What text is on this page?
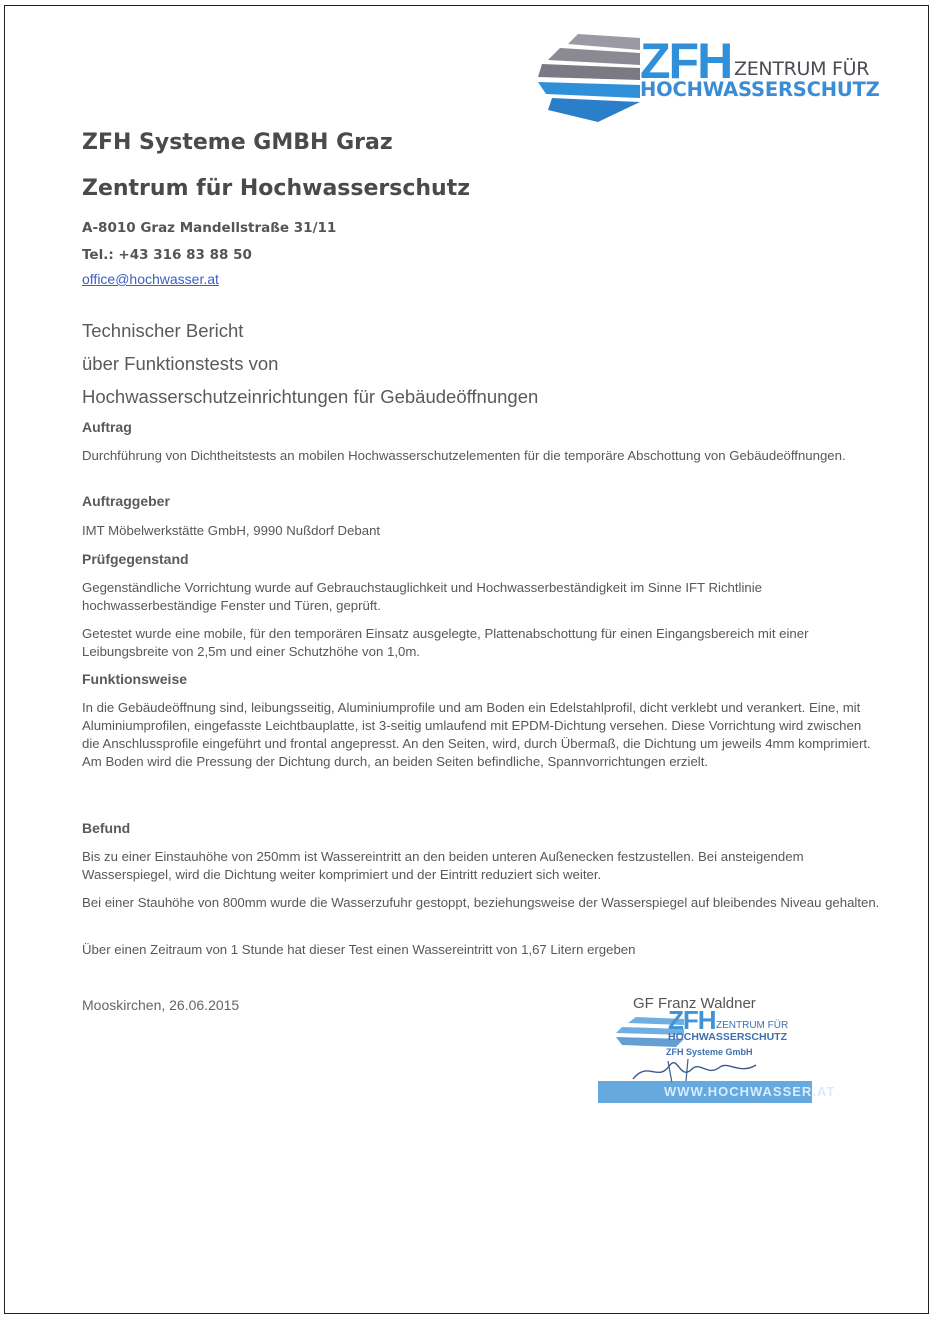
ZFH ZENTRUM FÜR
HOCHWASSERSCHUTZ
ZFH Systeme GMBH Graz
Zentrum für Hochwasserschutz
A-8010 Graz Mandellstraße 31/11
Tel.: +43 316 83 88 50
office@hochwasser.at
Technischer Bericht
über Funktionstests von
Hochwasserschutzeinrichtungen für Gebäudeöffnungen
Auftrag
Durchführung von Dichtheitstests an mobilen Hochwasserschutzelementen für die temporäre Abschottung von Gebäudeöffnungen.
Auftraggeber
IMT Möbelwerkstätte GmbH, 9990 Nußdorf Debant
Prüfgegenstand
Gegenständliche Vorrichtung wurde auf Gebrauchstauglichkeit und Hochwasserbeständigkeit im Sinne IFT Richtlinie hochwasserbeständige Fenster und Türen, geprüft.
Getestet wurde eine mobile, für den temporären Einsatz ausgelegte, Plattenabschottung für einen Eingangsbereich mit einer Leibungsbreite von 2,5m und einer Schutzhöhe von 1,0m.
Funktionsweise
In die Gebäudeöffnung sind, leibungsseitig, Aluminiumprofile und am Boden ein Edelstahlprofil, dicht verklebt und verankert. Eine, mit Aluminiumprofilen, eingefasste Leichtbauplatte, ist 3-seitig umlaufend mit EPDM-Dichtung versehen. Diese Vorrichtung wird zwischen die Anschlussprofile eingeführt und frontal angepresst. An den Seiten, wird, durch Übermaß, die Dichtung um jeweils 4mm komprimiert. Am Boden wird die Pressung der Dichtung durch, an beiden Seiten befindliche, Spannvorrichtungen erzielt.
Befund
Bis zu einer Einstauhöhe von 250mm ist Wassereintritt an den beiden unteren Außenecken festzustellen. Bei ansteigendem Wasserspiegel, wird die Dichtung weiter komprimiert und der Eintritt reduziert sich weiter.
Bei einer Stauhöhe von 800mm wurde die Wasserzufuhr gestoppt, beziehungsweise der Wasserspiegel auf bleibendes Niveau gehalten.
Über einen Zeitraum von 1 Stunde hat dieser Test einen Wassereintritt von 1,67 Litern ergeben
Mooskirchen, 26.06.2015	GF Franz Waldner
ZFH ZENTRUM FÜR
HOCHWASSERSCHUTZ
ZFH Systeme GmbH
WWW.HOCHWASSER.AT
